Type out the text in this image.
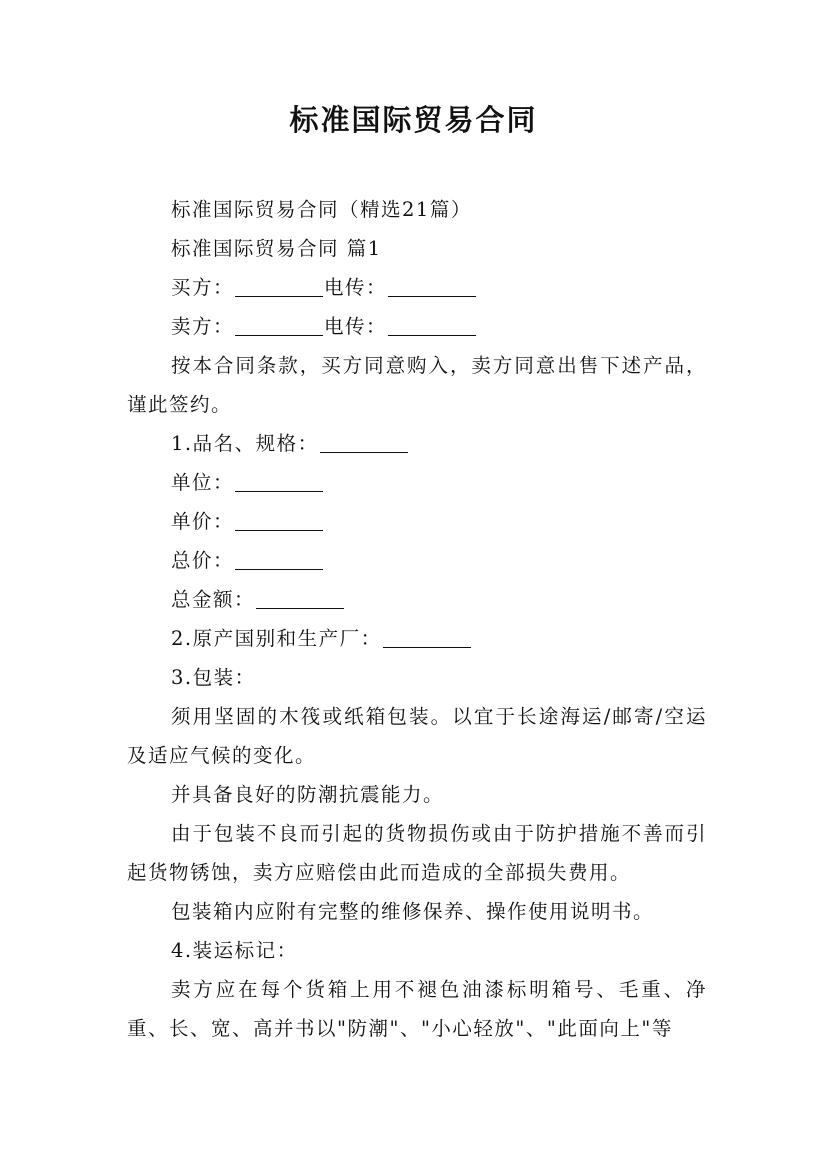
标准国际贸易合同

标准国际贸易合同（精选21篇）

标准国际贸易合同 篇1

买方：	电传：

卖方：	电传：

按本合同条款，买方同意购入，卖方同意出售下述产品，谨此签约。

1.品名、规格：

单位：

单价：

总价：

总金额：

2.原产国别和生产厂：

3.包装：

须用坚固的木筏或纸箱包装。以宜于长途海运/邮寄/空运及适应气候的变化。

并具备良好的防潮抗震能力。

由于包装不良而引起的货物损伤或由于防护措施不善而引起货物锈蚀，卖方应赔偿由此而造成的全部损失费用。

包装箱内应附有完整的维修保养、操作使用说明书。

4.装运标记：

卖方应在每个货箱上用不褪色油漆标明箱号、毛重、净重、长、宽、高并书以"防潮"、"小心轻放"、"此面向上"等
